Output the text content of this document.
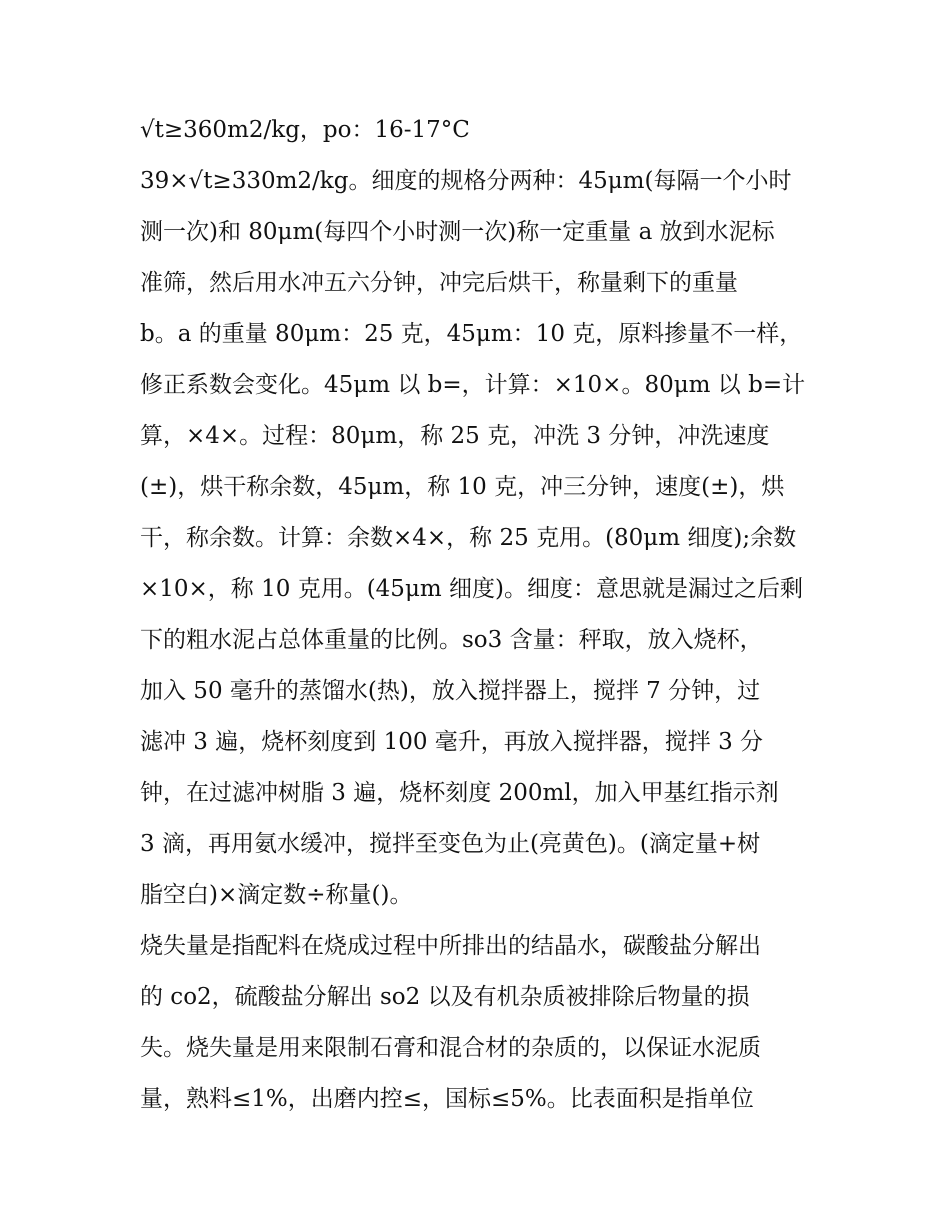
√t≥360m2/kg，po：16-17°C
39×√t≥330m2/kg。细度的规格分两种：45μm(每隔一个小时
测一次)和 80μm(每四个小时测一次)称一定重量 a 放到水泥标
准筛，然后用水冲五六分钟，冲完后烘干，称量剩下的重量
b。a 的重量 80μm：25 克，45μm：10 克，原料掺量不一样，
修正系数会变化。45μm 以 b=，计算：×10×。80μm 以 b=计
算，×4×。过程：80μm，称 25 克，冲洗 3 分钟，冲洗速度
(±)，烘干称余数，45μm，称 10 克，冲三分钟，速度(±)，烘
干，称余数。计算：余数×4×，称 25 克用。(80μm 细度);余数
×10×，称 10 克用。(45μm 细度)。细度：意思就是漏过之后剩
下的粗水泥占总体重量的比例。so3 含量：秤取，放入烧杯，
加入 50 毫升的蒸馏水(热)，放入搅拌器上，搅拌 7 分钟，过
滤冲 3 遍，烧杯刻度到 100 毫升，再放入搅拌器，搅拌 3 分
钟，在过滤冲树脂 3 遍，烧杯刻度 200ml，加入甲基红指示剂
3 滴，再用氨水缓冲，搅拌至变色为止(亮黄色)。(滴定量+树
脂空白)×滴定数÷称量()。
烧失量是指配料在烧成过程中所排出的结晶水，碳酸盐分解出
的 co2，硫酸盐分解出 so2 以及有机杂质被排除后物量的损
失。烧失量是用来限制石膏和混合材的杂质的，以保证水泥质
量，熟料≤1%，出磨内控≤，国标≤5%。比表面积是指单位
